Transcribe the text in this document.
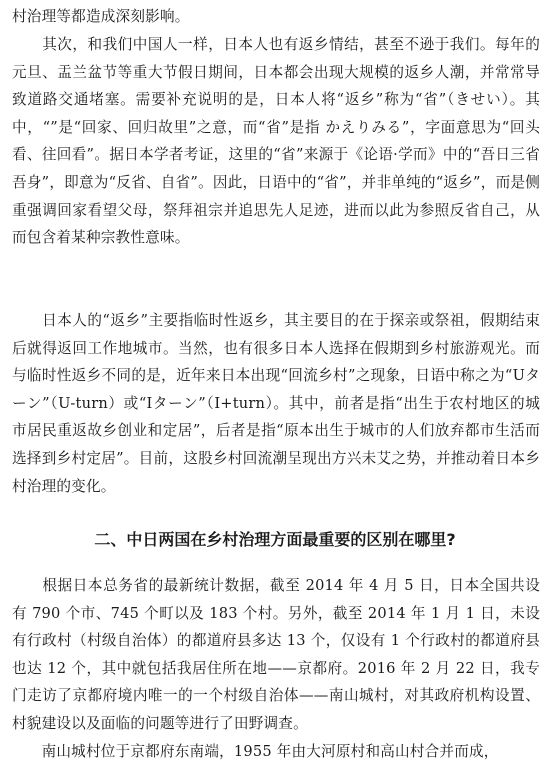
村治理等都造成深刻影响。

　　其次，和我们中国人一样，日本人也有返乡情结，甚至不逊于我们。每年的元旦、盂兰盆节等重大节假日期间，日本都会出现大规模的返乡人潮，并常常导致道路交通堵塞。需要补充说明的是，日本人将“返乡”称为“省”（きせい）。其中，“”是“回家、回归故里”之意，而“省”是指 かえりみる”，字面意思为“回头看、往回看”。据日本学者考证，这里的“省”来源于《论语·学而》中的“吾日三省吾身”，即意为“反省、自省”。因此，日语中的“省”，并非单纯的“返乡”，而是侧重强调回家看望父母，祭拜祖宗并追思先人足迹，进而以此为参照反省自己，从而包含着某种宗教性意味。

　　日本人的“返乡”主要指临时性返乡，其主要目的在于探亲或祭祖，假期结束后就得返回工作地城市。当然，也有很多日本人选择在假期到乡村旅游观光。而与临时性返乡不同的是，近年来日本出现“回流乡村”之现象，日语中称之为“Uターン”（U-turn）或“Iターン”（I+turn）。其中，前者是指“出生于农村地区的城市居民重返故乡创业和定居”，后者是指“原本出生于城市的人们放弃都市生活而选择到乡村定居”。目前，这股乡村回流潮呈现出方兴未艾之势，并推动着日本乡村治理的变化。

二、中日两国在乡村治理方面最重要的区别在哪里?

　　根据日本总务省的最新统计数据，截至 2014 年 4 月 5 日，日本全国共设有 790 个市、745 个町以及 183 个村。另外，截至 2014 年 1 月 1 日，未设有行政村（村级自治体）的都道府县多达 13 个，仅设有 1 个行政村的都道府县也达 12 个，其中就包括我居住所在地——京都府。2016 年 2 月 22 日，我专门走访了京都府境内唯一的一个村级自治体——南山城村，对其政府机构设置、村貌建设以及面临的问题等进行了田野调查。

　　南山城村位于京都府东南端，1955 年由大河原村和高山村合并而成，
